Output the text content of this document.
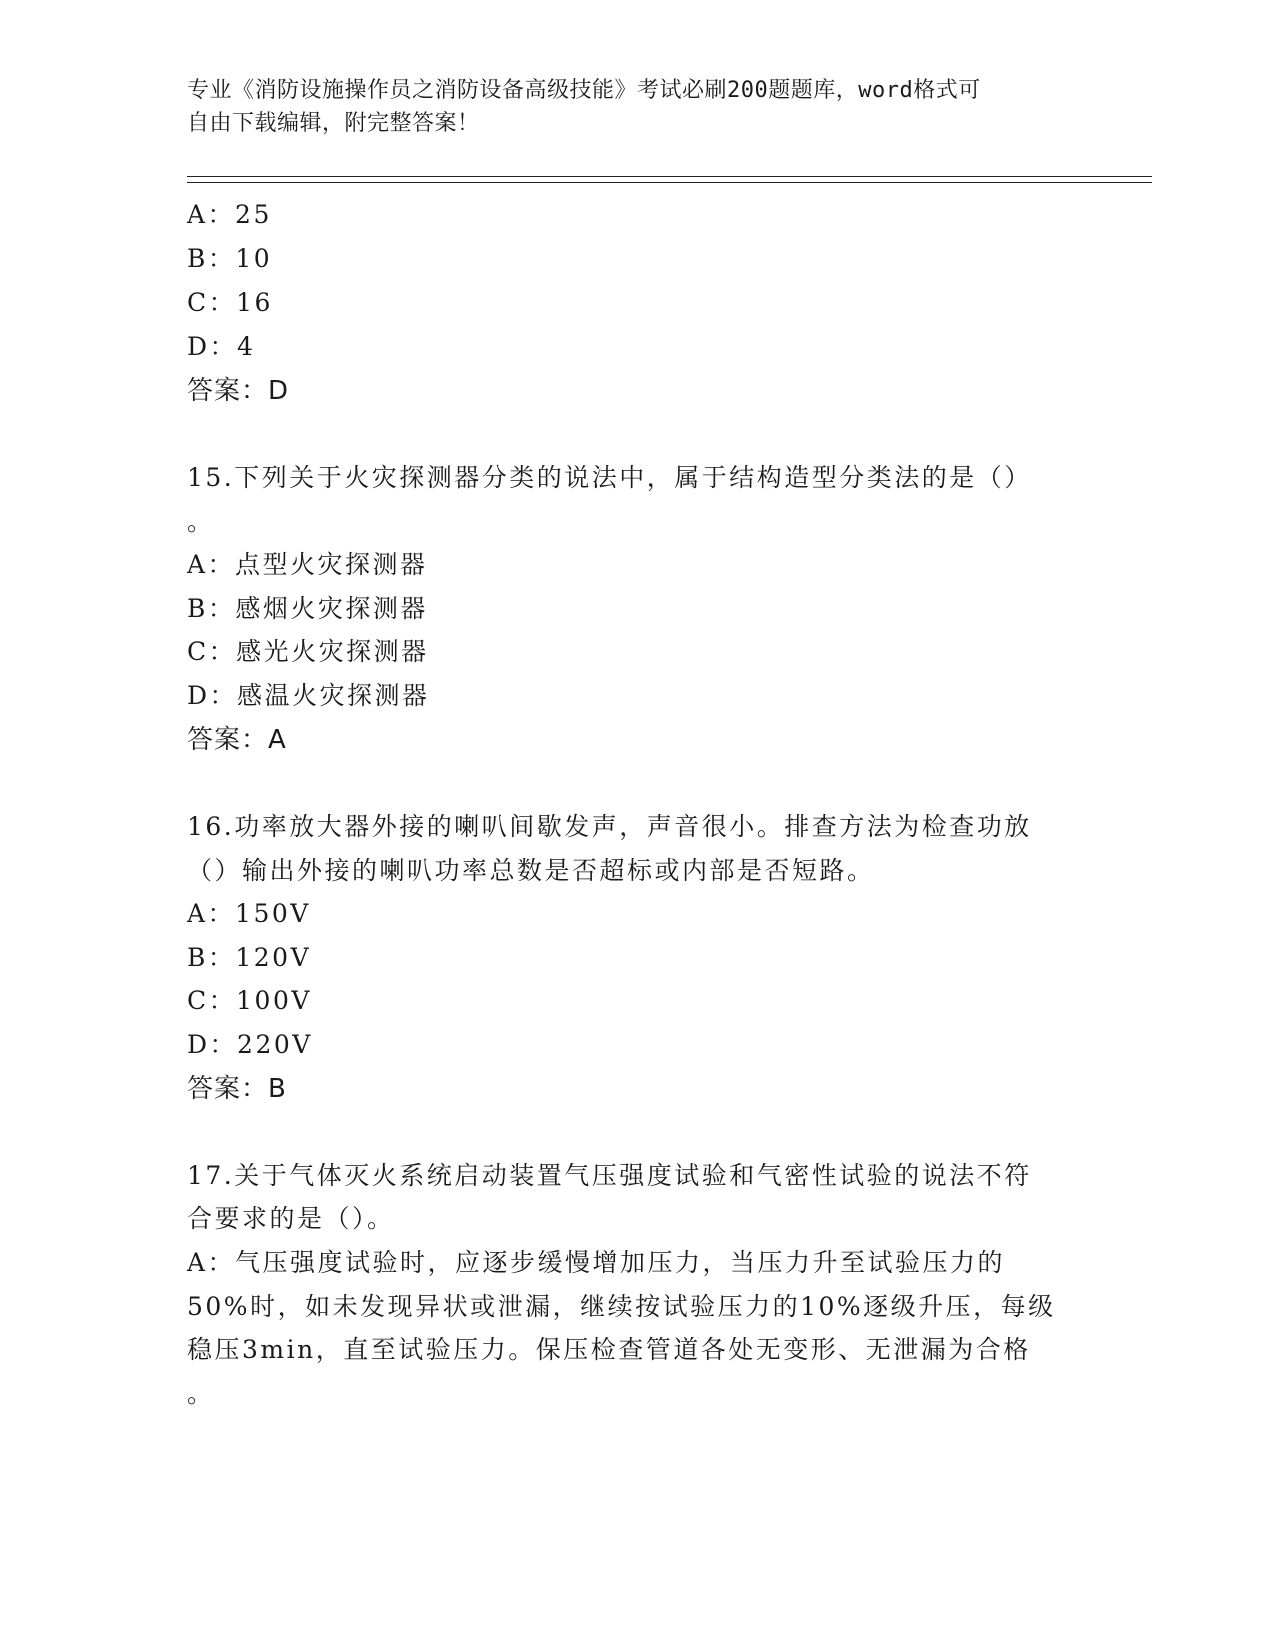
专业《消防设施操作员之消防设备高级技能》考试必刷200题题库，word格式可
自由下载编辑，附完整答案！
A：25
B：10
C：16
D：4
答案：D
15.下列关于火灾探测器分类的说法中，属于结构造型分类法的是（）
。
A：点型火灾探测器
B：感烟火灾探测器
C：感光火灾探测器
D：感温火灾探测器
答案：A
16.功率放大器外接的喇叭间歇发声，声音很小。排查方法为检查功放
（）输出外接的喇叭功率总数是否超标或内部是否短路。
A：150V
B：120V
C：100V
D：220V
答案：B
17.关于气体灭火系统启动装置气压强度试验和气密性试验的说法不符
合要求的是（）。
A：气压强度试验时，应逐步缓慢增加压力，当压力升至试验压力的
50%时，如未发现异状或泄漏，继续按试验压力的10%逐级升压，每级
稳压3min，直至试验压力。保压检查管道各处无变形、无泄漏为合格
。
